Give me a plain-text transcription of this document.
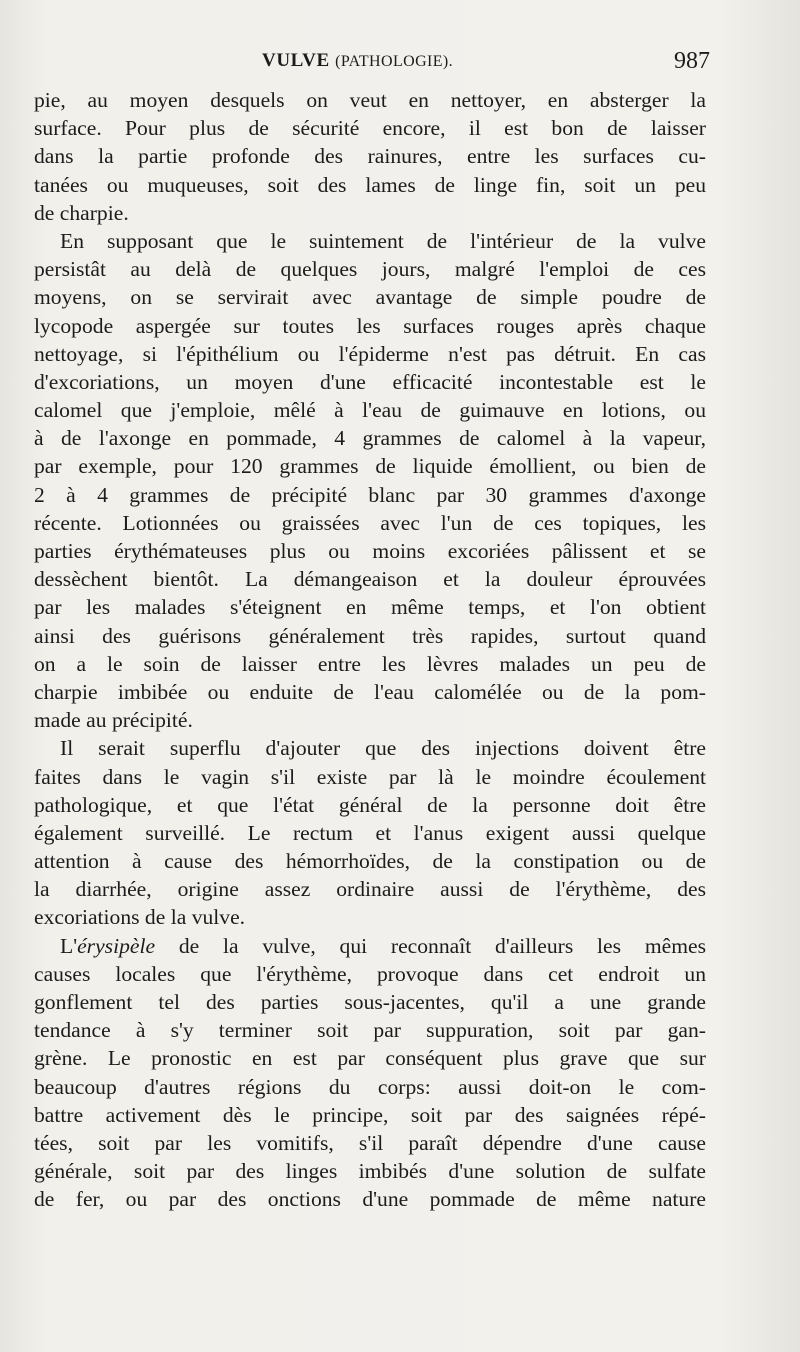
VULVE (PATHOLOGIE).	987

pie, au moyen desquels on veut en nettoyer, en absterger la
surface. Pour plus de sécurité encore, il est bon de laisser
dans la partie profonde des rainures, entre les surfaces cu-
tanées ou muqueuses, soit des lames de linge fin, soit un peu
de charpie.

En supposant que le suintement de l'intérieur de la vulve
persistât au delà de quelques jours, malgré l'emploi de ces
moyens, on se servirait avec avantage de simple poudre de
lycopode aspergée sur toutes les surfaces rouges après chaque
nettoyage, si l'épithélium ou l'épiderme n'est pas détruit. En cas
d'excoriations, un moyen d'une efficacité incontestable est le
calomel que j'emploie, mêlé à l'eau de guimauve en lotions, ou
à de l'axonge en pommade, 4 grammes de calomel à la vapeur,
par exemple, pour 120 grammes de liquide émollient, ou bien de
2 à 4 grammes de précipité blanc par 30 grammes d'axonge
récente. Lotionnées ou graissées avec l'un de ces topiques, les
parties érythémateuses plus ou moins excoriées pâlissent et se
dessèchent bientôt. La démangeaison et la douleur éprouvées
par les malades s'éteignent en même temps, et l'on obtient
ainsi des guérisons généralement très rapides, surtout quand
on a le soin de laisser entre les lèvres malades un peu de
charpie imbibée ou enduite de l'eau calomélée ou de la pom-
made au précipité.

Il serait superflu d'ajouter que des injections doivent être
faites dans le vagin s'il existe par là le moindre écoulement
pathologique, et que l'état général de la personne doit être
également surveillé. Le rectum et l'anus exigent aussi quelque
attention à cause des hémorrhoïdes, de la constipation ou de
la diarrhée, origine assez ordinaire aussi de l'érythème, des
excoriations de la vulve.

L'érysipèle de la vulve, qui reconnaît d'ailleurs les mêmes
causes locales que l'érythème, provoque dans cet endroit un
gonflement tel des parties sous-jacentes, qu'il a une grande
tendance à s'y terminer soit par suppuration, soit par gan-
grène. Le pronostic en est par conséquent plus grave que sur
beaucoup d'autres régions du corps: aussi doit-on le com-
battre activement dès le principe, soit par des saignées répé-
tées, soit par les vomitifs, s'il paraît dépendre d'une cause
générale, soit par des linges imbibés d'une solution de sulfate
de fer, ou par des onctions d'une pommade de même nature
